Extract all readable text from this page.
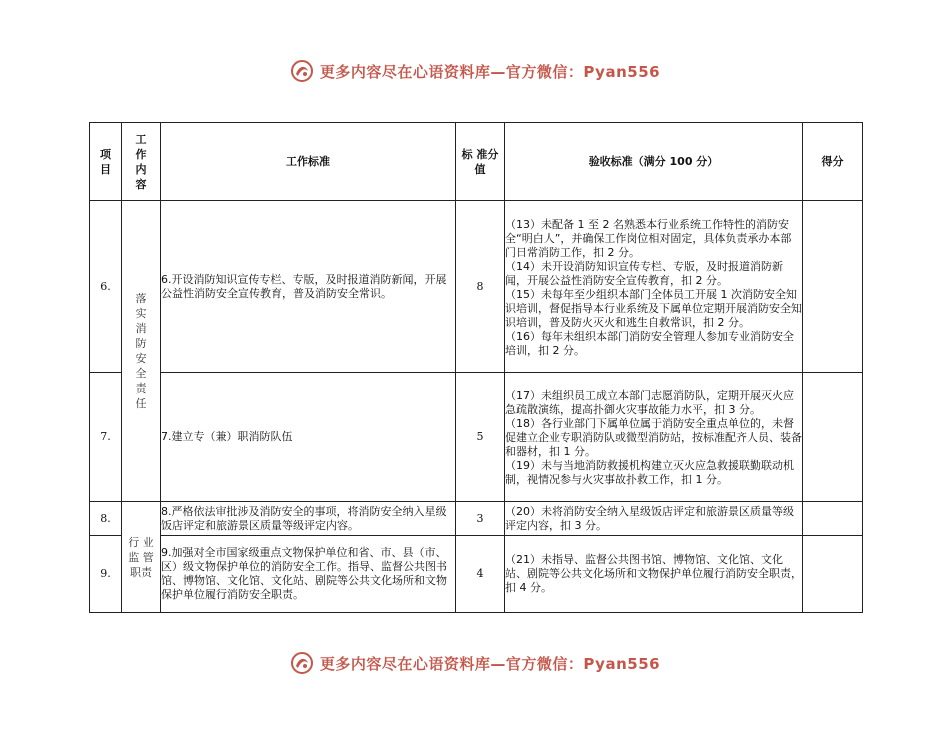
更多内容尽在心语资料库—官方微信：Pyan556
项目	工作内容	工作标准	标 准分 值	验收标准（满分 100 分）	得分
6.	落实消防安全责任	6.开设消防知识宣传专栏、专版，及时报道消防新闻，开展公益性消防安全宣传教育，普及消防安全常识。	8	（13）未配备 1 至 2 名熟悉本行业系统工作特性的消防安全“明白人”，并确保工作岗位相对固定，具体负责承办本部门日常消防工作，扣 2 分。
（14）未开设消防知识宣传专栏、专版，及时报道消防新闻，开展公益性消防安全宣传教育，扣 2 分。
（15）未每年至少组织本部门全体员工开展 1 次消防安全知识培训，督促指导本行业系统及下属单位定期开展消防安全知识培训，普及防火灭火和逃生自救常识，扣 2 分。
（16）每年未组织本部门消防安全管理人参加专业消防安全培训，扣 2 分。	

7.		7.建立专（兼）职消防队伍	5	（17）未组织员工成立本部门志愿消防队，定期开展灭火应急疏散演练，提高扑御火灾事故能力水平，扣 3 分。
（18）各行业部门下属单位属于消防安全重点单位的，未督促建立企业专职消防队或微型消防站，按标准配齐人员、装备和器材，扣 1 分。
（19）未与当地消防救援机构建立灭火应急救援联勤联动机制，视情况参与火灾事故扑救工作，扣 1 分。	

8.	行 业监 管职责	8.严格依法审批涉及消防安全的事项，将消防安全纳入星级饭店评定和旅游景区质量等级评定内容。	3	（20）未将消防安全纳入星级饭店评定和旅游景区质量等级评定内容，扣 3 分。	

9.		9.加强对全市国家级重点文物保护单位和省、市、县（市、区）级文物保护单位的消防安全工作。指导、监督公共图书馆、博物馆、文化馆、文化站、剧院等公共文化场所和文物保护单位履行消防安全职责。	4	（21）未指导、监督公共图书馆、博物馆、文化馆、文化站、剧院等公共文化场所和文物保护单位履行消防安全职责，扣 4 分。	

更多内容尽在心语资料库—官方微信：Pyan556
